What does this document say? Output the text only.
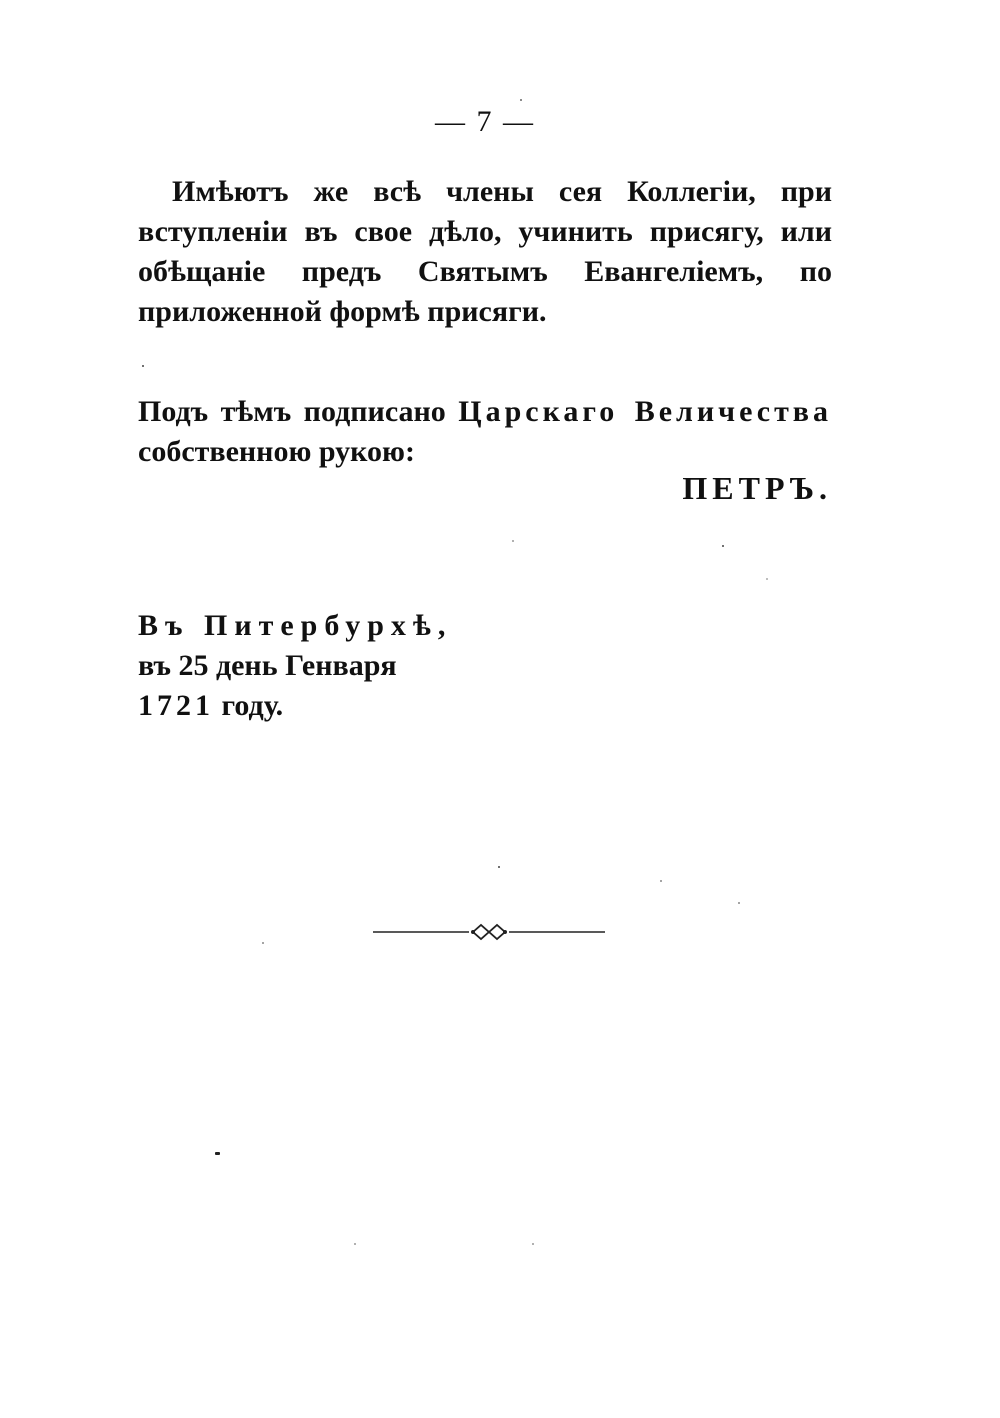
— 7 —

Имѣютъ же всѣ члены сея Коллегіи, при вступленіи въ свое дѣло, учинить присягу, или обѣщаніе предъ Святымъ Евангеліемъ, по приложенной формѣ присяги.

Подъ тѣмъ подписано Царскаго Величества собственною рукою:

ПЕТРЪ.
Въ Питербурхѣ,
въ 25 день Генваря
1721 году.
